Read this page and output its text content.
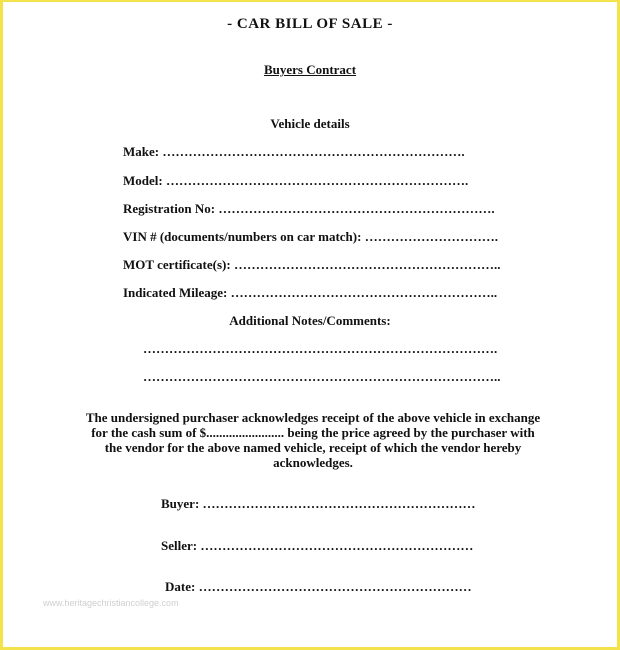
- CAR BILL OF SALE -
Buyers Contract
Vehicle details
Make: …………………………………………………………….
Model: …………………………………………………………….
Registration No: ……………………………………………………….
VIN # (documents/numbers on car match): ………………………….
MOT certificate(s): ……………………………………………………..
Indicated Mileage: ……………………………………………………..
Additional Notes/Comments:
……………………………………………………………………….
………………………………………………………………………..
The undersigned purchaser acknowledges receipt of the above vehicle in exchange for the cash sum of $........................ being the price agreed by the purchaser with the vendor for the above named vehicle, receipt of which the vendor hereby acknowledges.
Buyer: ………………………………………………………
Seller: ………………………………………………………
Date: ………………………………………………………
www.heritagechristiancollege.com
